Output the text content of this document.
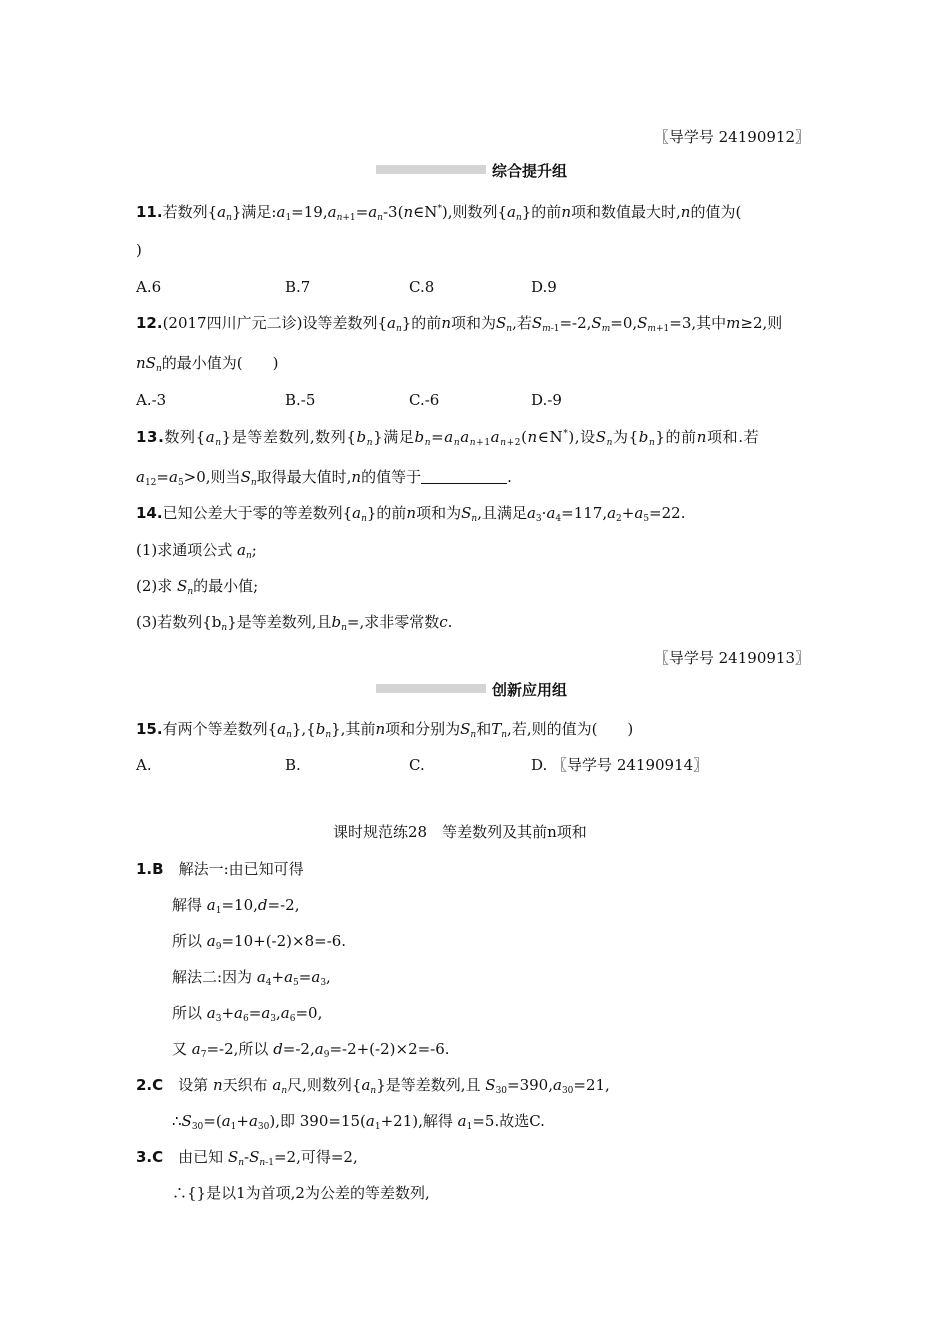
〖导学号 24190912〗
综合提升组
11.若数列$\{a_n\}$满足$:a_1=19,a_{n+1}=a_n-3(n\in N^*)$,则数列$\{a_n\}$的前n项和数值最大时,n的值为(
)
A.6	B.7	C.8	D.9
12.(2017四川广元二诊)设等差数列$\{a_n\}$的前n项和为$S_n$,若$S_{m-1}=-2,S_m=0,S_{m+1}=3$,其中m≥2,则
$nS_n$的最小值为(　　)
A.-3	B.-5	C.-6	D.-9
13.数列$\{a_n\}$是等差数列,数列$\{b_n\}$满足$b_n=a_na_{n+1}a_{n+2}(n\in N^*)$,设$S_n$为$\{b_n\}$的前n项和.若
$a_{12}=a_5>0$,则当$S_n$取得最大值时,n的值等于	.
14.已知公差大于零的等差数列$\{a_n\}$的前n项和为$S_n$,且满足$a_3\cdot a_4=117,a_2+a_5=22$.
(1)求通项公式 $a_n$;
(2)求 $S_n$的最小值;
(3)若数列$\{b_n\}$是等差数列,且$b_n=$,求非零常数c.
〖导学号 24190913〗
创新应用组
15.有两个等差数列$\{a_n\},\{b_n\}$,其前n项和分别为$S_n$和$T_n$,若,则的值为(　　)
A.	B.	C.	D. 〖导学号 24190914〗
课时规范练28　等差数列及其前n项和
1.B　 解法一:由已知可得
解得 $a_1=10,d=-2$,
所以 $a_9=10+(-2)\times 8=-6$.
解法二:因为 $a_4+a_5=a_3$,
所以 $a_3+a_6=a_3,a_6=0$,
又 $a_7=-2$,所以 $d=-2,a_9=-2+(-2)\times 2=-6$.
2.C　设第 n天织布 $a_n$尺,则数列$\{a_n\}$是等差数列,且 $S_{30}=390,a_{30}=21$,
$\therefore S_{30}=(a_1+a_{30})$,即 $390=15(a_1+21)$,解得 $a_1=5$.故选C.
3.C　由已知 $S_n-S_{n-1}=2$,可得=2,
∴{}是以1为首项,2为公差的等差数列,
